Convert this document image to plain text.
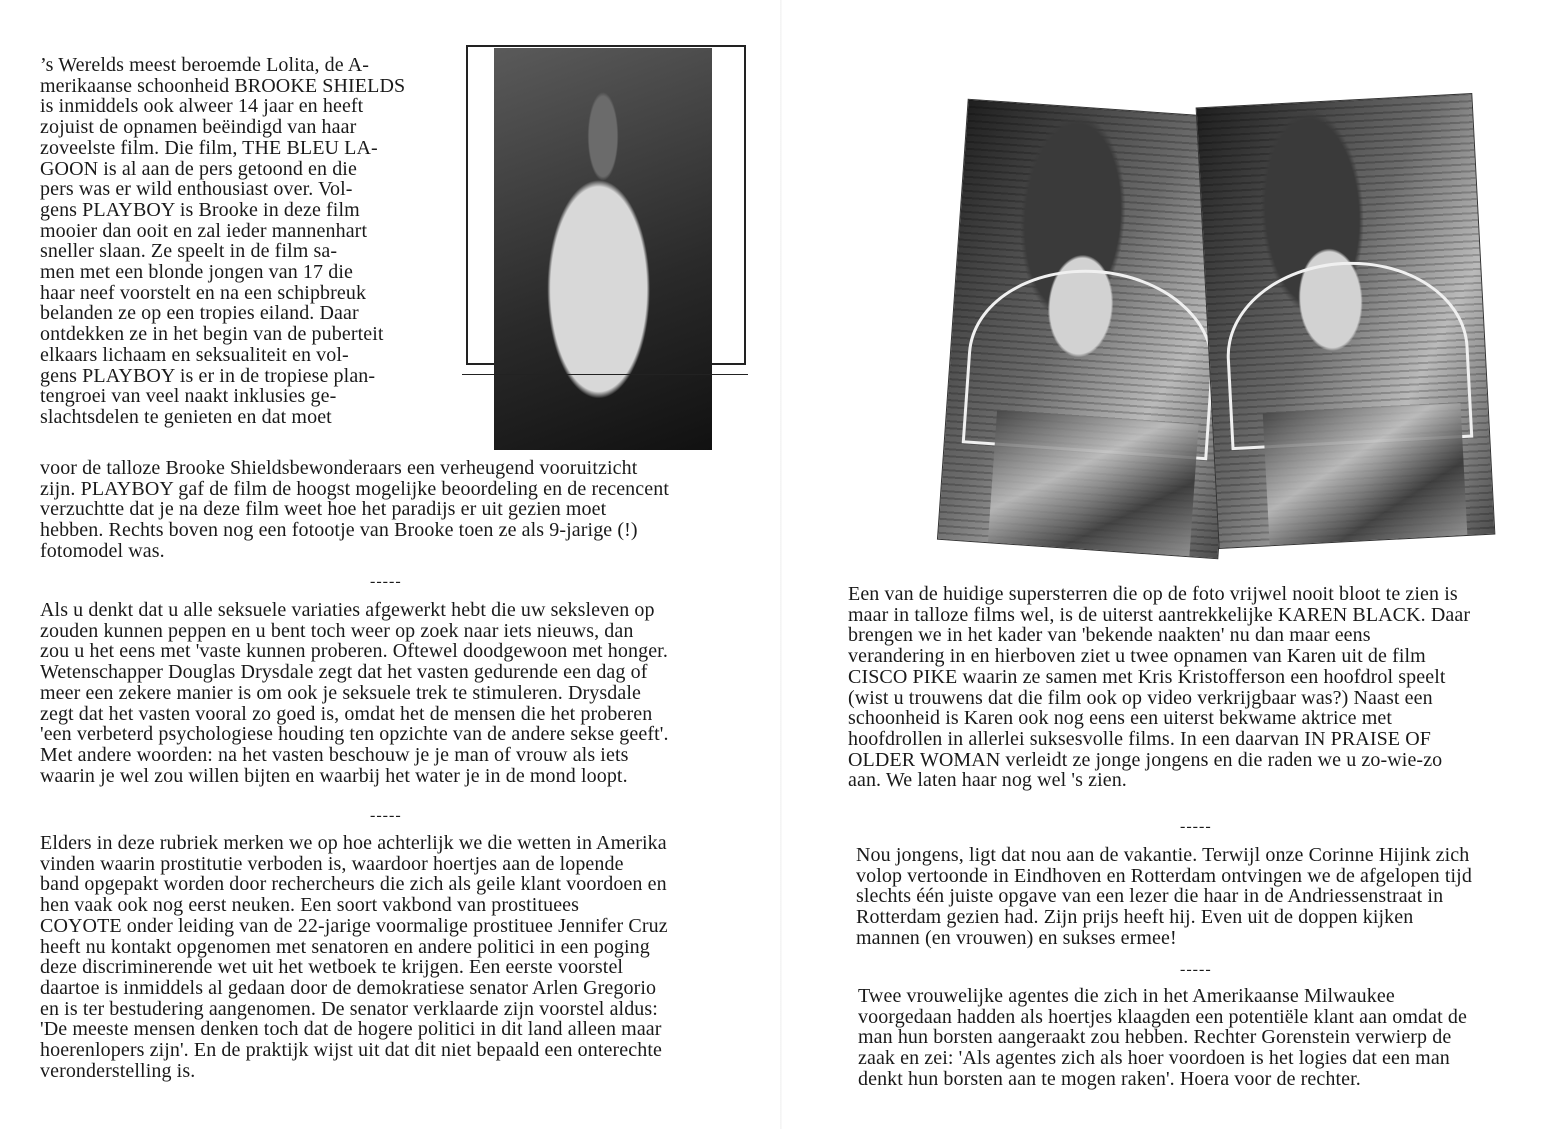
’s Werelds meest beroemde Lolita, de A-
merikaanse schoonheid BROOKE SHIELDS
is inmiddels ook alweer 14 jaar en heeft
zojuist de opnamen beëindigd van haar
zoveelste film. Die film, THE BLEU LA-
GOON is al aan de pers getoond en die
pers was er wild enthousiast over. Vol-
gens PLAYBOY is Brooke in deze film
mooier dan ooit en zal ieder mannenhart
sneller slaan. Ze speelt in de film sa-
men met een blonde jongen van 17 die
haar neef voorstelt en na een schipbreuk
belanden ze op een tropies eiland. Daar
ontdekken ze in het begin van de puberteit
elkaars lichaam en seksualiteit en vol-
gens PLAYBOY is er in de tropiese plan-
tengroei van veel naakt inklusies ge-
slachtsdelen te genieten en dat moet

voor de talloze Brooke Shieldsbewonderaars een verheugend vooruitzicht
zijn. PLAYBOY gaf de film de hoogst mogelijke beoordeling en de recencent
verzuchtte dat je na deze film weet hoe het paradijs er uit gezien moet
hebben. Rechts boven nog een fotootje van Brooke toen ze als 9-jarige (!)
fotomodel was.

-----

Als u denkt dat u alle seksuele variaties afgewerkt hebt die uw seksleven op
zouden kunnen peppen en u bent toch weer op zoek naar iets nieuws, dan
zou u het eens met 'vaste kunnen proberen. Oftewel doodgewoon met honger.
Wetenschapper Douglas Drysdale zegt dat het vasten gedurende een dag of
meer een zekere manier is om ook je seksuele trek te stimuleren. Drysdale
zegt dat het vasten vooral zo goed is, omdat het de mensen die het proberen
'een verbeterd psychologiese houding ten opzichte van de andere sekse geeft'.
Met andere woorden: na het vasten beschouw je je man of vrouw als iets
waarin je wel zou willen bijten en waarbij het water je in de mond loopt.

-----

Elders in deze rubriek merken we op hoe achterlijk we die wetten in Amerika
vinden waarin prostitutie verboden is, waardoor hoertjes aan de lopende
band opgepakt worden door rechercheurs die zich als geile klant voordoen en
hen vaak ook nog eerst neuken. Een soort vakbond van prostituees
COYOTE onder leiding van de 22-jarige voormalige prostituee Jennifer Cruz
heeft nu kontakt opgenomen met senatoren en andere politici in een poging
deze discriminerende wet uit het wetboek te krijgen. Een eerste voorstel
daartoe is inmiddels al gedaan door de demokratiese senator Arlen Gregorio
en is ter bestudering aangenomen. De senator verklaarde zijn voorstel aldus:
'De meeste mensen denken toch dat de hogere politici in dit land alleen maar
hoerenlopers zijn'. En de praktijk wijst uit dat dit niet bepaald een onterechte
veronderstelling is.

Een van de huidige supersterren die op de foto vrijwel nooit bloot te zien is
maar in talloze films wel, is de uiterst aantrekkelijke KAREN BLACK. Daar
brengen we in het kader van 'bekende naakten' nu dan maar eens
verandering in en hierboven ziet u twee opnamen van Karen uit de film
CISCO PIKE waarin ze samen met Kris Kristofferson een hoofdrol speelt
(wist u trouwens dat die film ook op video verkrijgbaar was?) Naast een
schoonheid is Karen ook nog eens een uiterst bekwame aktrice met
hoofdrollen in allerlei suksesvolle films. In een daarvan IN PRAISE OF
OLDER WOMAN verleidt ze jonge jongens en die raden we u zo-wie-zo
aan. We laten haar nog wel 's zien.

-----

Nou jongens, ligt dat nou aan de vakantie. Terwijl onze Corinne Hijink zich
volop vertoonde in Eindhoven en Rotterdam ontvingen we de afgelopen tijd
slechts één juiste opgave van een lezer die haar in de Andriessenstraat in
Rotterdam gezien had. Zijn prijs heeft hij. Even uit de doppen kijken
mannen (en vrouwen) en sukses ermee!

-----

Twee vrouwelijke agentes die zich in het Amerikaanse Milwaukee
voorgedaan hadden als hoertjes klaagden een potentiële klant aan omdat de
man hun borsten aangeraakt zou hebben. Rechter Gorenstein verwierp de
zaak en zei: 'Als agentes zich als hoer voordoen is het logies dat een man
denkt hun borsten aan te mogen raken'. Hoera voor de rechter.
